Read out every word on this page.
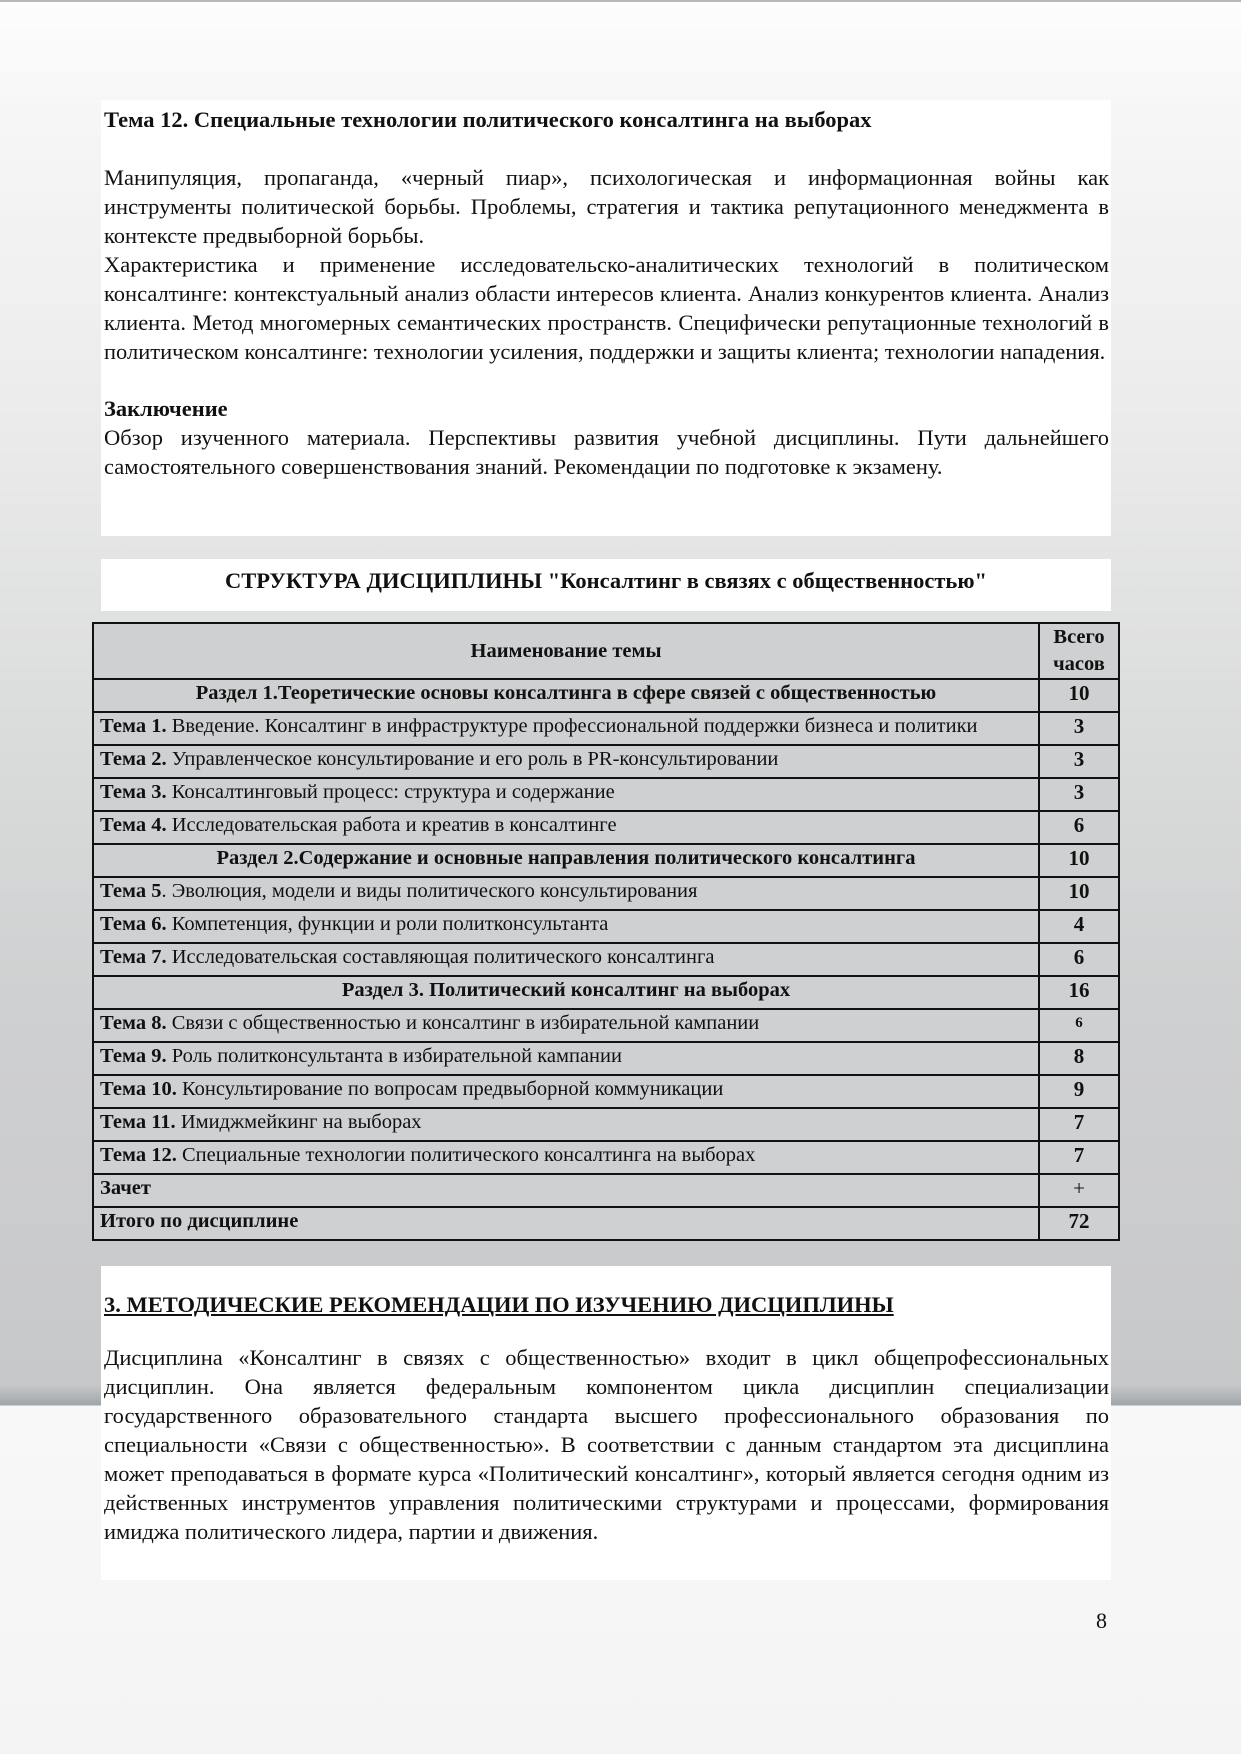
Тема 12. Специальные технологии политического консалтинга на выборах

Манипуляция, пропаганда, «черный пиар», психологическая и информационная войны как инструменты политической борьбы. Проблемы, стратегия и тактика репутационного менеджмента в контексте предвыборной борьбы.

Характеристика и применение исследовательско-аналитических технологий в политическом консалтинге: контекстуальный анализ области интересов клиента. Анализ конкурентов клиента. Анализ клиента. Метод многомерных семантических пространств. Специфически репутационные технологий в политическом консалтинге: технологии усиления, поддержки и защиты клиента; технологии нападения.

Заключение

Обзор изученного материала. Перспективы развития учебной дисциплины. Пути дальнейшего самостоятельного совершенствования знаний. Рекомендации по подготовке к экзамену.

СТРУКТУРА ДИСЦИПЛИНЫ "Консалтинг в связях с общественностью"
Наименование темы	Всего часов
Раздел 1.Теоретические основы консалтинга в сфере связей с общественностью	10
Тема 1. Введение. Консалтинг в инфраструктуре профессиональной поддержки бизнеса и политики	3
Тема 2. Управленческое консультирование и его роль в PR-консультировании	3
Тема 3. Консалтинговый процесс: структура и содержание	3
Тема 4. Исследовательская работа и креатив в консалтинге	6
Раздел 2.Содержание и основные направления политического консалтинга	10
Тема 5. Эволюция, модели и виды политического консультирования	10
Тема 6. Компетенция, функции и роли политконсультанта	4
Тема 7. Исследовательская составляющая политического консалтинга	6
Раздел 3. Политический консалтинг на выборах	16
Тема 8. Связи с общественностью и консалтинг в избирательной кампании	6
Тема 9. Роль политконсультанта в избирательной кампании	8
Тема 10. Консультирование по вопросам предвыборной коммуникации	9
Тема 11. Имиджмейкинг на выборах	7
Тема 12. Специальные технологии политического консалтинга на выборах	7
Зачет	+
Итого по дисциплине	72

3. МЕТОДИЧЕСКИЕ РЕКОМЕНДАЦИИ ПО ИЗУЧЕНИЮ ДИСЦИПЛИНЫ

Дисциплина «Консалтинг в связях с общественностью» входит в цикл общепрофессиональных дисциплин. Она является федеральным компонентом цикла дисциплин специализации государственного образовательного стандарта высшего профессионального образования по специальности «Связи с общественностью». В соответствии с данным стандартом эта дисциплина может преподаваться в формате курса «Политический консалтинг», который является сегодня одним из действенных инструментов управления политическими структурами и процессами, формирования имиджа политического лидера, партии и движения.

8
